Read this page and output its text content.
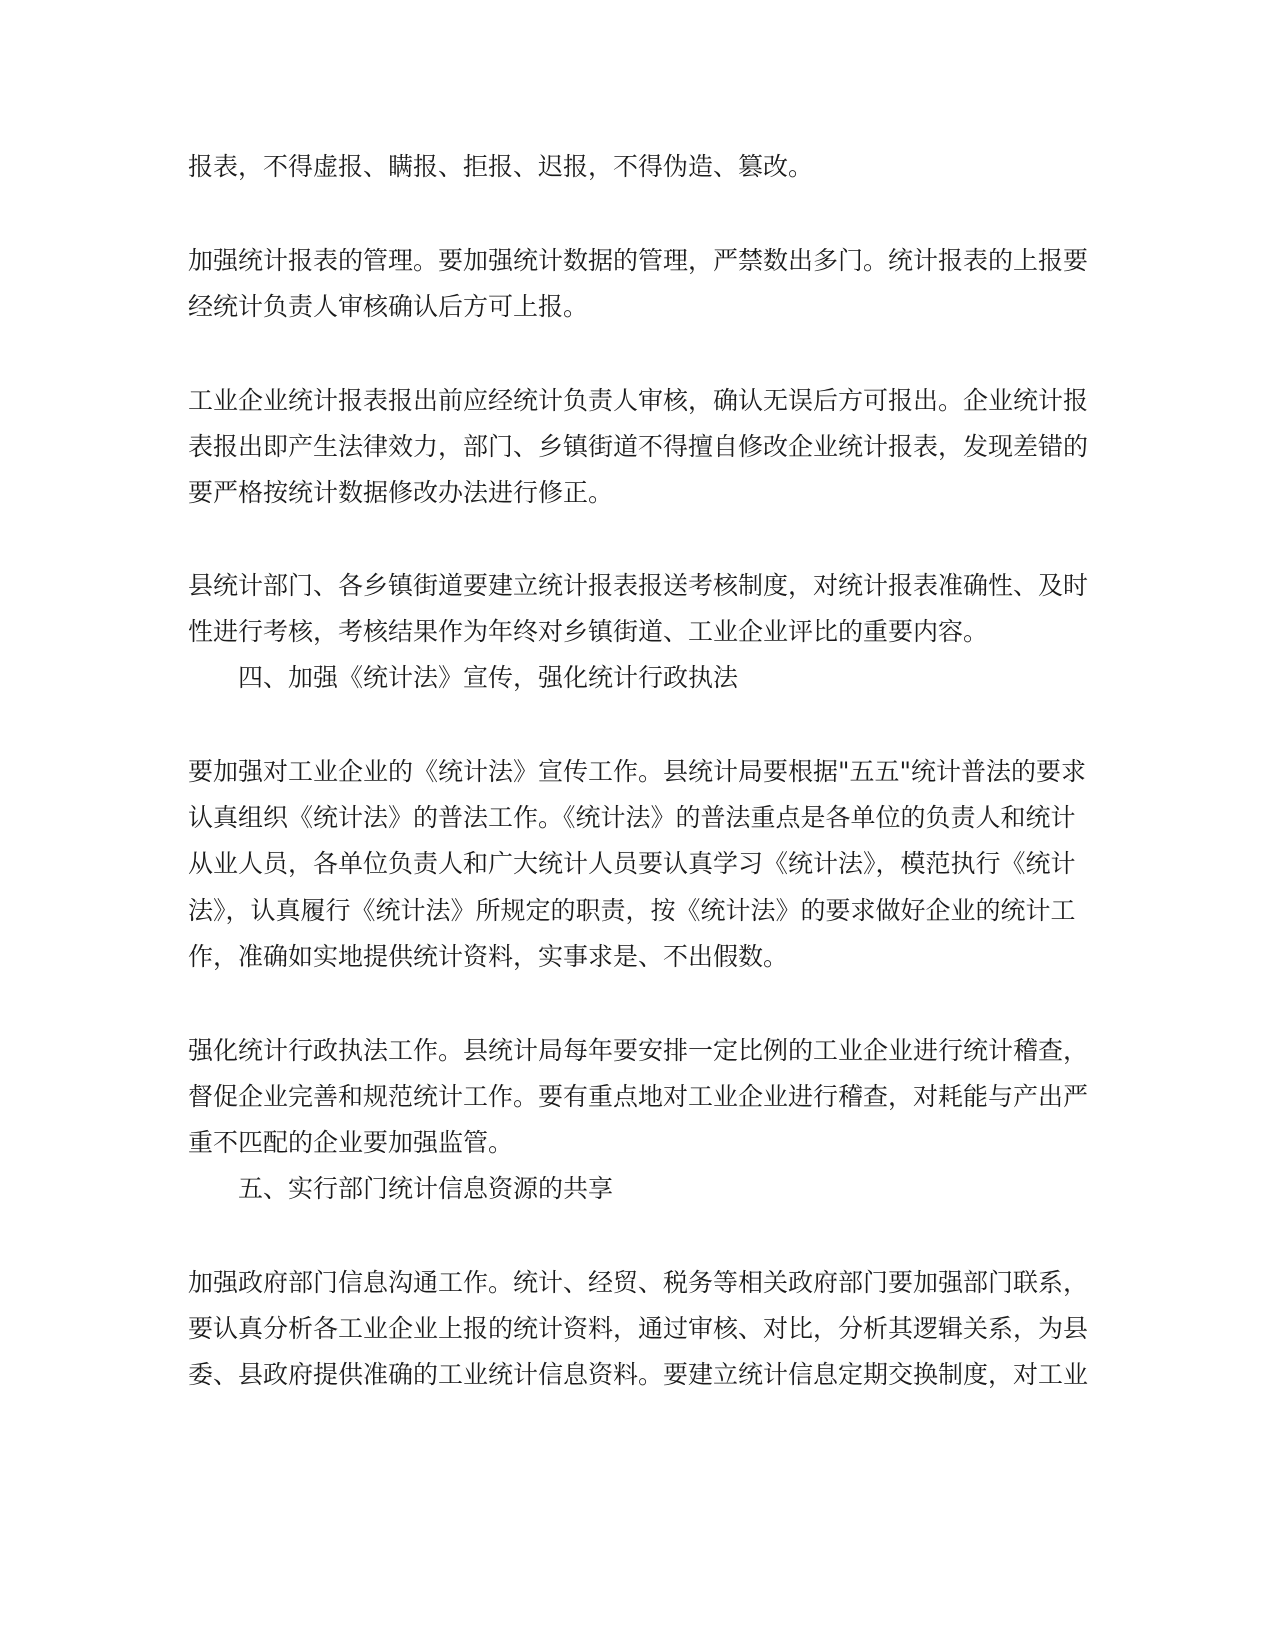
报表，不得虚报、瞒报、拒报、迟报，不得伪造、篡改。
加强统计报表的管理。要加强统计数据的管理，严禁数出多门。统计报表的上报要
经统计负责人审核确认后方可上报。
工业企业统计报表报出前应经统计负责人审核，确认无误后方可报出。企业统计报
表报出即产生法律效力，部门、乡镇街道不得擅自修改企业统计报表，发现差错的
要严格按统计数据修改办法进行修正。
县统计部门、各乡镇街道要建立统计报表报送考核制度，对统计报表准确性、及时
性进行考核，考核结果作为年终对乡镇街道、工业企业评比的重要内容。
四、加强《统计法》宣传，强化统计行政执法
要加强对工业企业的《统计法》宣传工作。县统计局要根据"五五"统计普法的要求
认真组织《统计法》的普法工作。《统计法》的普法重点是各单位的负责人和统计
从业人员，各单位负责人和广大统计人员要认真学习《统计法》，模范执行《统计
法》，认真履行《统计法》所规定的职责，按《统计法》的要求做好企业的统计工
作，准确如实地提供统计资料，实事求是、不出假数。
强化统计行政执法工作。县统计局每年要安排一定比例的工业企业进行统计稽查，
督促企业完善和规范统计工作。要有重点地对工业企业进行稽查，对耗能与产出严
重不匹配的企业要加强监管。
五、实行部门统计信息资源的共享
加强政府部门信息沟通工作。统计、经贸、税务等相关政府部门要加强部门联系，
要认真分析各工业企业上报的统计资料，通过审核、对比，分析其逻辑关系，为县
委、县政府提供准确的工业统计信息资料。要建立统计信息定期交换制度，对工业
